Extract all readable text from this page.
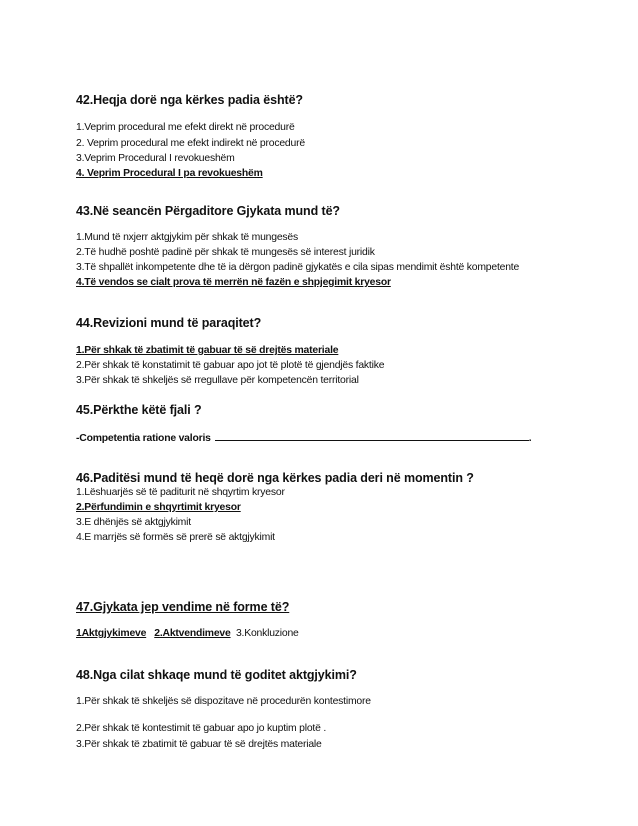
42.Heqja dorë nga kërkes padia është?
1.Veprim procedural me efekt direkt në procedurë
2. Veprim procedural me efekt indirekt në procedurë
3.Veprim Procedural I revokueshëm
4. Veprim Procedural I pa revokueshëm
43.Në seancën Përgaditore Gjykata mund të?
1.Mund të nxjerr aktgjykim për shkak të mungesës
2.Të hudhë poshtë padinë për shkak të mungesës së interest juridik
3.Të shpallët inkompetente dhe të ia dërgon padinë gjykatës e cila sipas mendimit është kompetente
4.Të vendos se cialt prova të merrën në fazën e shpjegimit kryesor
44.Revizioni mund të paraqitet?
1.Për shkak të zbatimit të gabuar të së drejtës materiale
2.Për shkak të konstatimit të gabuar apo jot të plotë të gjendjës faktike
3.Për shkak të shkeljës së rregullave për kompetencën territorial
45.Përkthe këtë fjali ?
-Competentia ratione valoris	.
46.Paditësi mund të heqë dorë nga kërkes padia deri në momentin ?
1.Lëshuarjës së të paditurit në shqyrtim kryesor
2.Përfundimin e shqyrtimit kryesor
3.E dhënjës së aktgjykimit
4.E marrjës së formës së prerë së aktgjykimit
47.Gjykata jep vendime në forme të?
1Aktgjykimeve 2.Aktvendimeve 3.Konkluzione
48.Nga cilat shkaqe mund të goditet aktgjykimi?
1.Për shkak të shkeljës së dispozitave në procedurën kontestimore
2.Për shkak të kontestimit të gabuar apo jo kuptim plotë .
3.Për shkak të zbatimit të gabuar të së drejtës materiale
